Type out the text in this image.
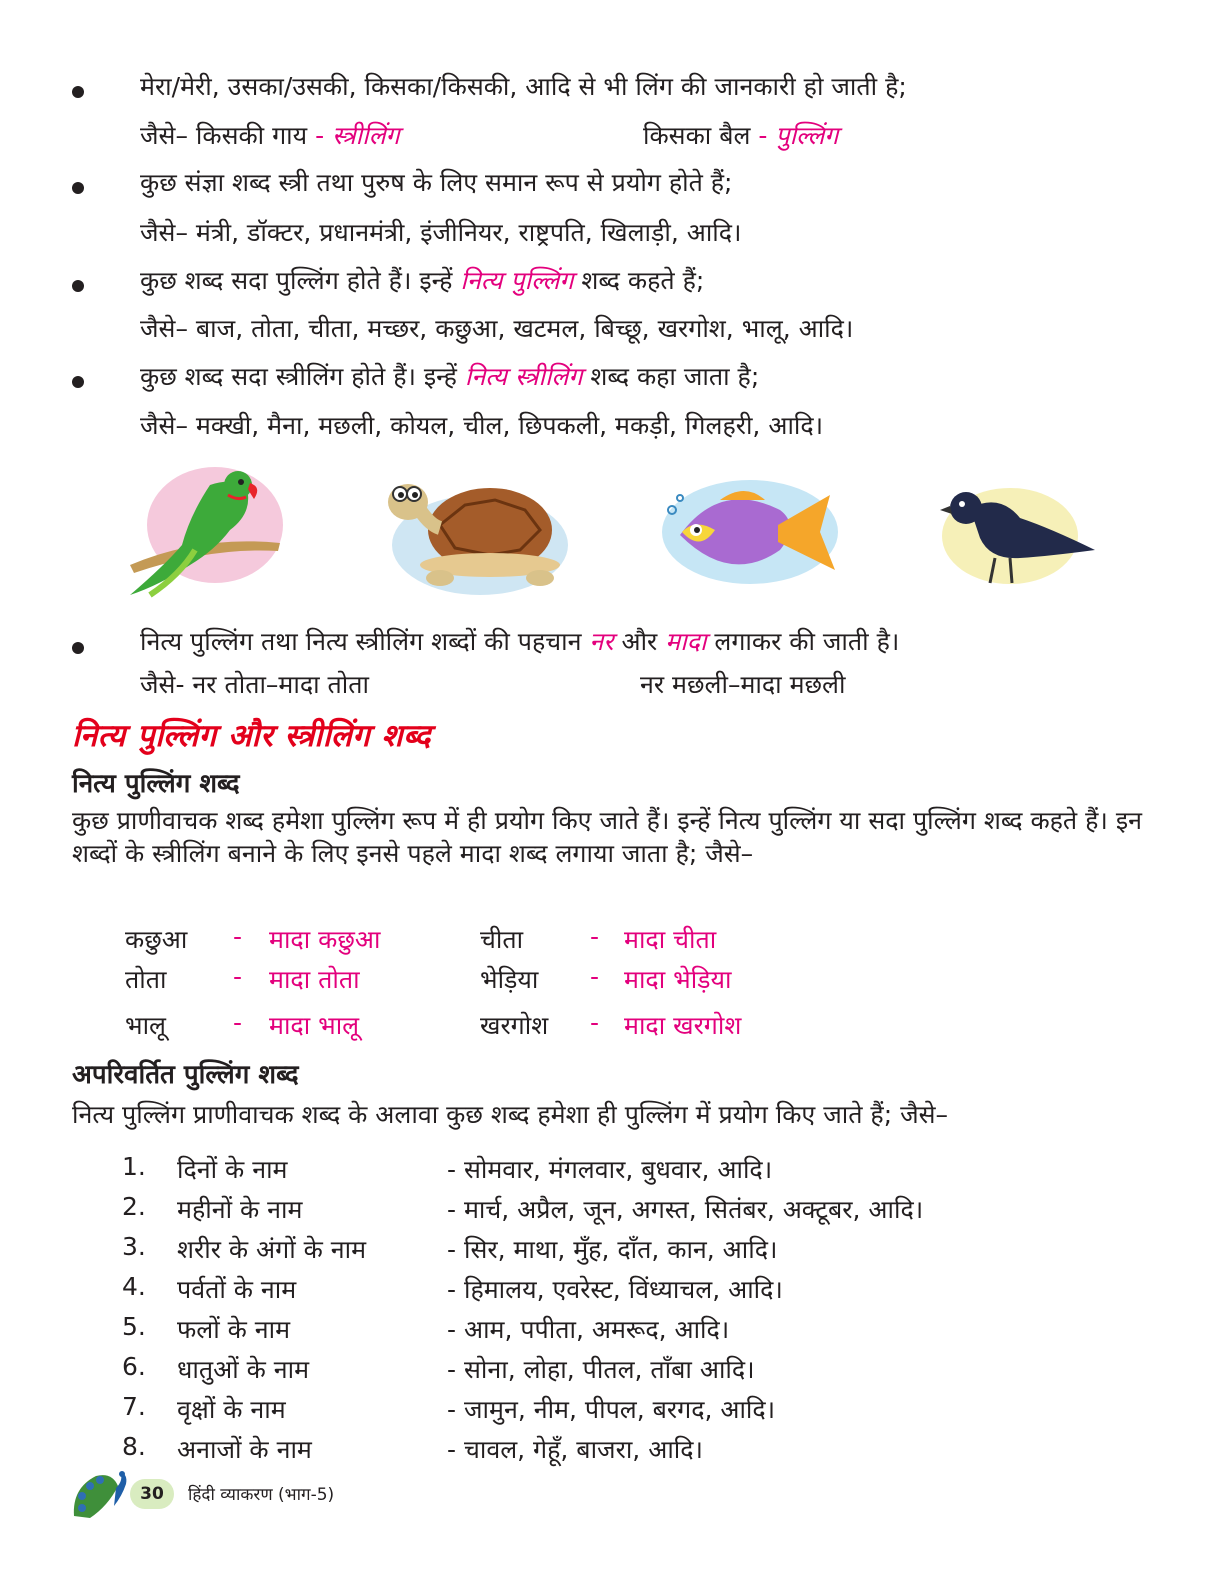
मेरा/मेरी, उसका/उसकी, किसका/किसकी, आदि से भी लिंग की जानकारी हो जाती है;
जैसे– किसकी गाय - स्त्रीलिंग	किसका बैल - पुल्लिंग
कुछ संज्ञा शब्द स्त्री तथा पुरुष के लिए समान रूप से प्रयोग होते हैं;
जैसे– मंत्री, डॉक्टर, प्रधानमंत्री, इंजीनियर, राष्ट्रपति, खिलाड़ी, आदि।
कुछ शब्द सदा पुल्लिंग होते हैं। इन्हें नित्य पुल्लिंग शब्द कहते हैं;
जैसे– बाज, तोता, चीता, मच्छर, कछुआ, खटमल, बिच्छू, खरगोश, भालू, आदि।
कुछ शब्द सदा स्त्रीलिंग होते हैं। इन्हें नित्य स्त्रीलिंग शब्द कहा जाता है;
जैसे– मक्खी, मैना, मछली, कोयल, चील, छिपकली, मकड़ी, गिलहरी, आदि।
नित्य पुल्लिंग तथा नित्य स्त्रीलिंग शब्दों की पहचान नर और मादा लगाकर की जाती है।
जैसे- नर तोता–मादा तोता	नर मछली–मादा मछली
नित्य पुल्लिंग और स्त्रीलिंग शब्द
नित्य पुल्लिंग शब्द
कुछ प्राणीवाचक शब्द हमेशा पुल्लिंग रूप में ही प्रयोग किए जाते हैं। इन्हें नित्य पुल्लिंग या सदा पुल्लिंग शब्द कहते हैं। इन शब्दों के स्त्रीलिंग बनाने के लिए इनसे पहले मादा शब्द लगाया जाता है; जैसे–
कछुआ - मादा कछुआ	चीता	- मादा चीता
तोता	- मादा तोता	भेड़िया - मादा भेड़िया
भालू	- मादा भालू	खरगोश - मादा खरगोश
अपरिवर्तित पुल्लिंग शब्द
नित्य पुल्लिंग प्राणीवाचक शब्द के अलावा कुछ शब्द हमेशा ही पुल्लिंग में प्रयोग किए जाते हैं; जैसे–
1. दिनों के नाम	- सोमवार, मंगलवार, बुधवार, आदि।
2. महीनों के नाम	- मार्च, अप्रैल, जून, अगस्त, सितंबर, अक्टूबर, आदि।
3. शरीर के अंगों के नाम	- सिर, माथा, मुँह, दाँत, कान, आदि।
4. पर्वतों के नाम	- हिमालय, एवरेस्ट, विंध्याचल, आदि।
5. फलों के नाम	- आम, पपीता, अमरूद, आदि।
6. धातुओं के नाम	- सोना, लोहा, पीतल, ताँबा आदि।
7. वृक्षों के नाम	- जामुन, नीम, पीपल, बरगद, आदि।
8. अनाजों के नाम	- चावल, गेहूँ, बाजरा, आदि।
30	हिंदी व्याकरण (भाग-5)
